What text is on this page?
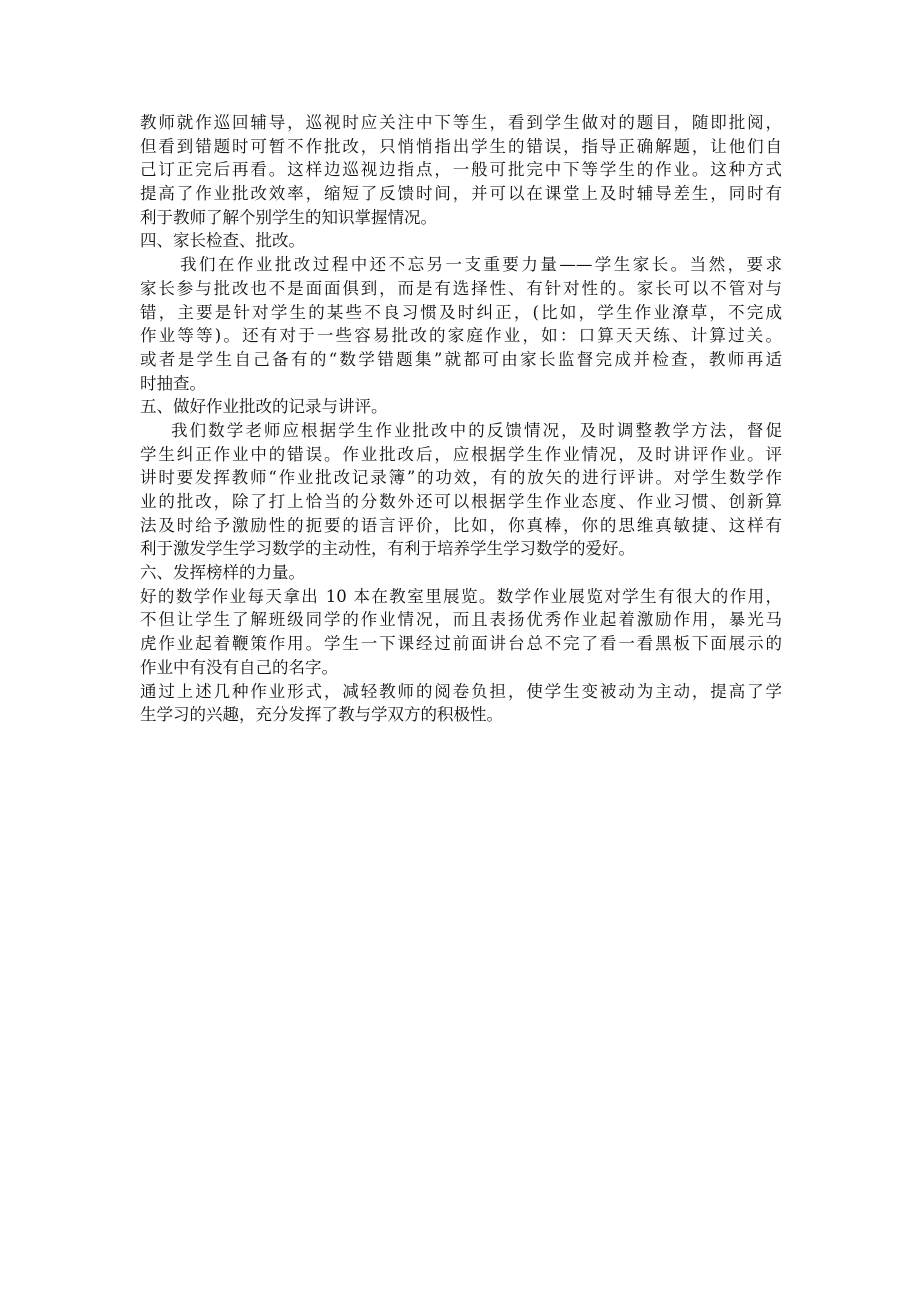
教师就作巡回辅导，巡视时应关注中下等生，看到学生做对的题目，随即批阅，
但看到错题时可暂不作批改，只悄悄指出学生的错误，指导正确解题，让他们自
己订正完后再看。这样边巡视边指点，一般可批完中下等学生的作业。这种方式
提高了作业批改效率，缩短了反馈时间，并可以在课堂上及时辅导差生，同时有
利于教师了解个别学生的知识掌握情况。
四、家长检查、批改。
我们在作业批改过程中还不忘另一支重要力量——学生家长。当然，要求
家长参与批改也不是面面俱到，而是有选择性、有针对性的。家长可以不管对与
错，主要是针对学生的某些不良习惯及时纠正，(比如，学生作业潦草，不完成
作业等等)。还有对于一些容易批改的家庭作业，如：口算天天练、计算过关。
或者是学生自己备有的“数学错题集”就都可由家长监督完成并检查，教师再适
时抽查。
五、做好作业批改的记录与讲评。
我们数学老师应根据学生作业批改中的反馈情况，及时调整教学方法，督促
学生纠正作业中的错误。作业批改后，应根据学生作业情况，及时讲评作业。评
讲时要发挥教师“作业批改记录簿”的功效，有的放矢的进行评讲。对学生数学作
业的批改，除了打上恰当的分数外还可以根据学生作业态度、作业习惯、创新算
法及时给予激励性的扼要的语言评价，比如，你真棒，你的思维真敏捷、这样有
利于激发学生学习数学的主动性，有利于培养学生学习数学的爱好。
六、发挥榜样的力量。
好的数学作业每天拿出 10 本在教室里展览。数学作业展览对学生有很大的作用，
不但让学生了解班级同学的作业情况，而且表扬优秀作业起着激励作用，暴光马
虎作业起着鞭策作用。学生一下课经过前面讲台总不完了看一看黑板下面展示的
作业中有没有自己的名字。
通过上述几种作业形式，减轻教师的阅卷负担，使学生变被动为主动，提高了学
生学习的兴趣，充分发挥了教与学双方的积极性。
